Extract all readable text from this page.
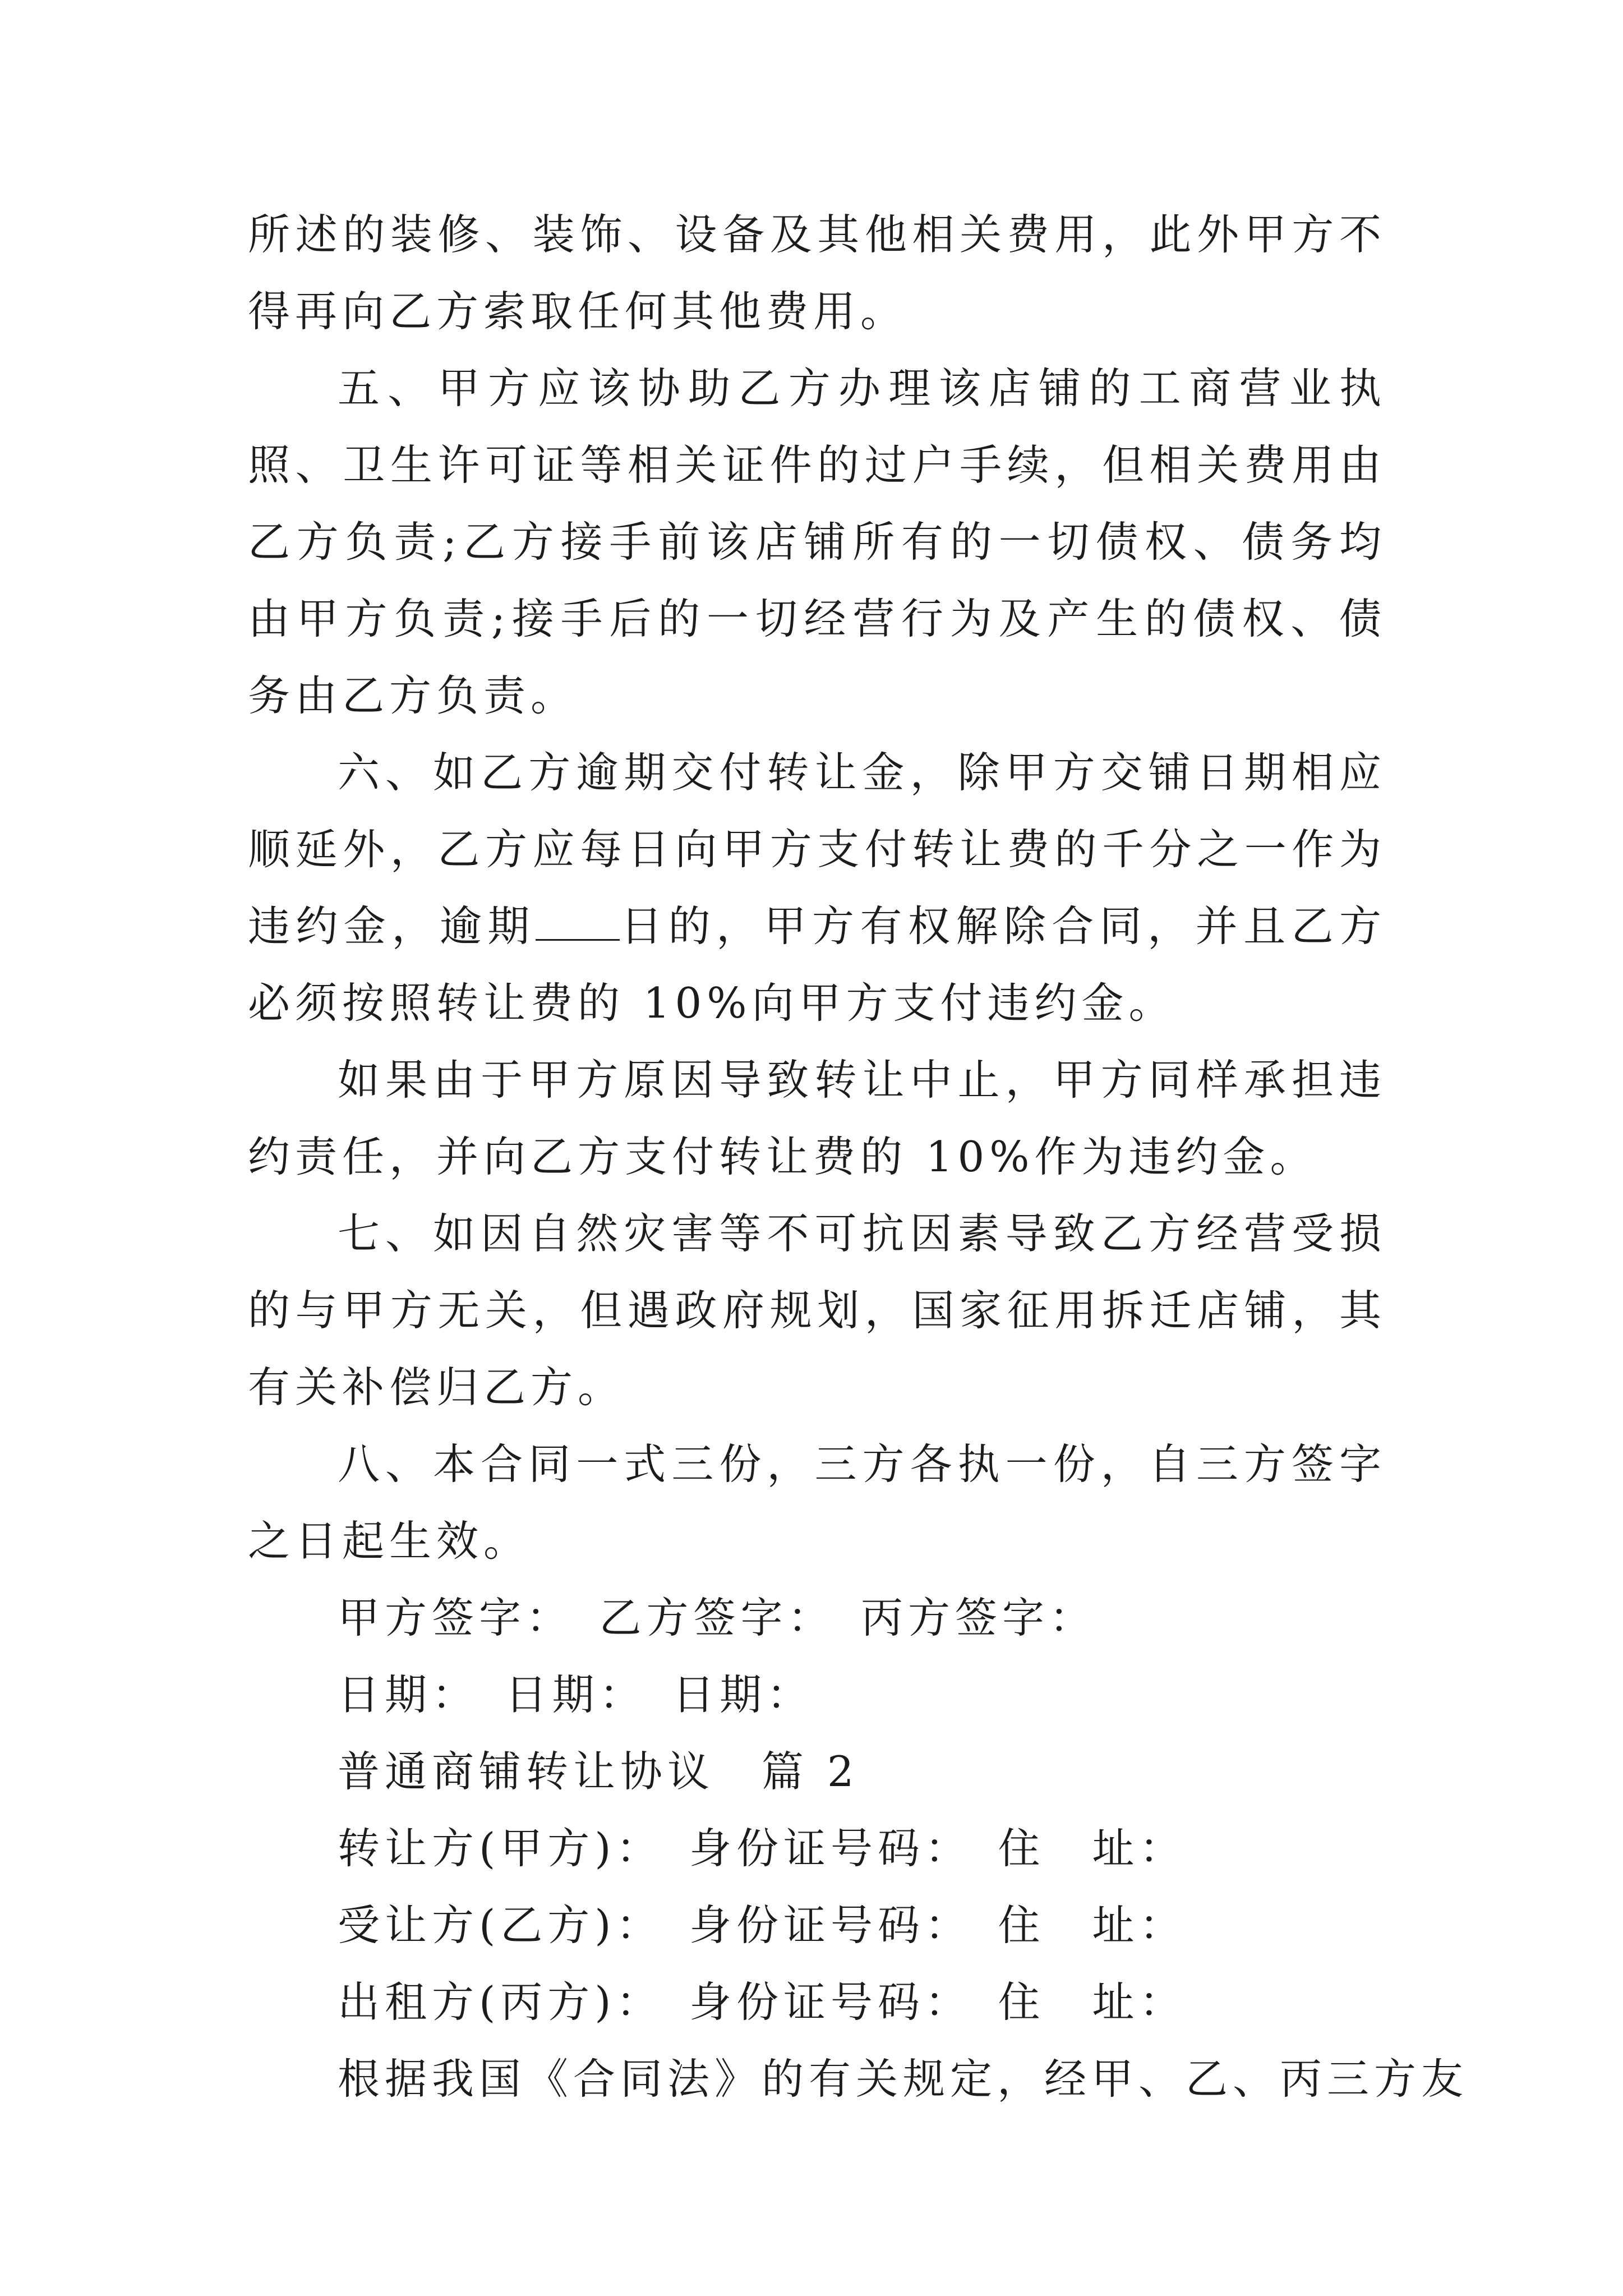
所述的装修、装饰、设备及其他相关费用，此外甲方不得再向乙方索取任何其他费用。

五、甲方应该协助乙方办理该店铺的工商营业执照、卫生许可证等相关证件的过户手续，但相关费用由乙方负责;乙方接手前该店铺所有的一切债权、债务均由甲方负责;接手后的一切经营行为及产生的债权、债务由乙方负责。

六、如乙方逾期交付转让金，除甲方交铺日期相应顺延外，乙方应每日向甲方支付转让费的千分之一作为违约金，逾期 日的，甲方有权解除合同，并且乙方必须按照转让费的 10%向甲方支付违约金。

如果由于甲方原因导致转让中止，甲方同样承担违约责任，并向乙方支付转让费的 10%作为违约金。

七、如因自然灾害等不可抗因素导致乙方经营受损的与甲方无关，但遇政府规划，国家征用拆迁店铺，其有关补偿归乙方。

八、本合同一式三份，三方各执一份，自三方签字之日起生效。

甲方签字：　乙方签字：　丙方签字：

日期：　日期：　日期：

普通商铺转让协议　篇 2

转让方(甲方)：　身份证号码：　住　址：

受让方(乙方)：　身份证号码：　住　址：

出租方(丙方)：　身份证号码：　住　址：

根据我国《合同法》的有关规定，经甲、乙、丙三方友
